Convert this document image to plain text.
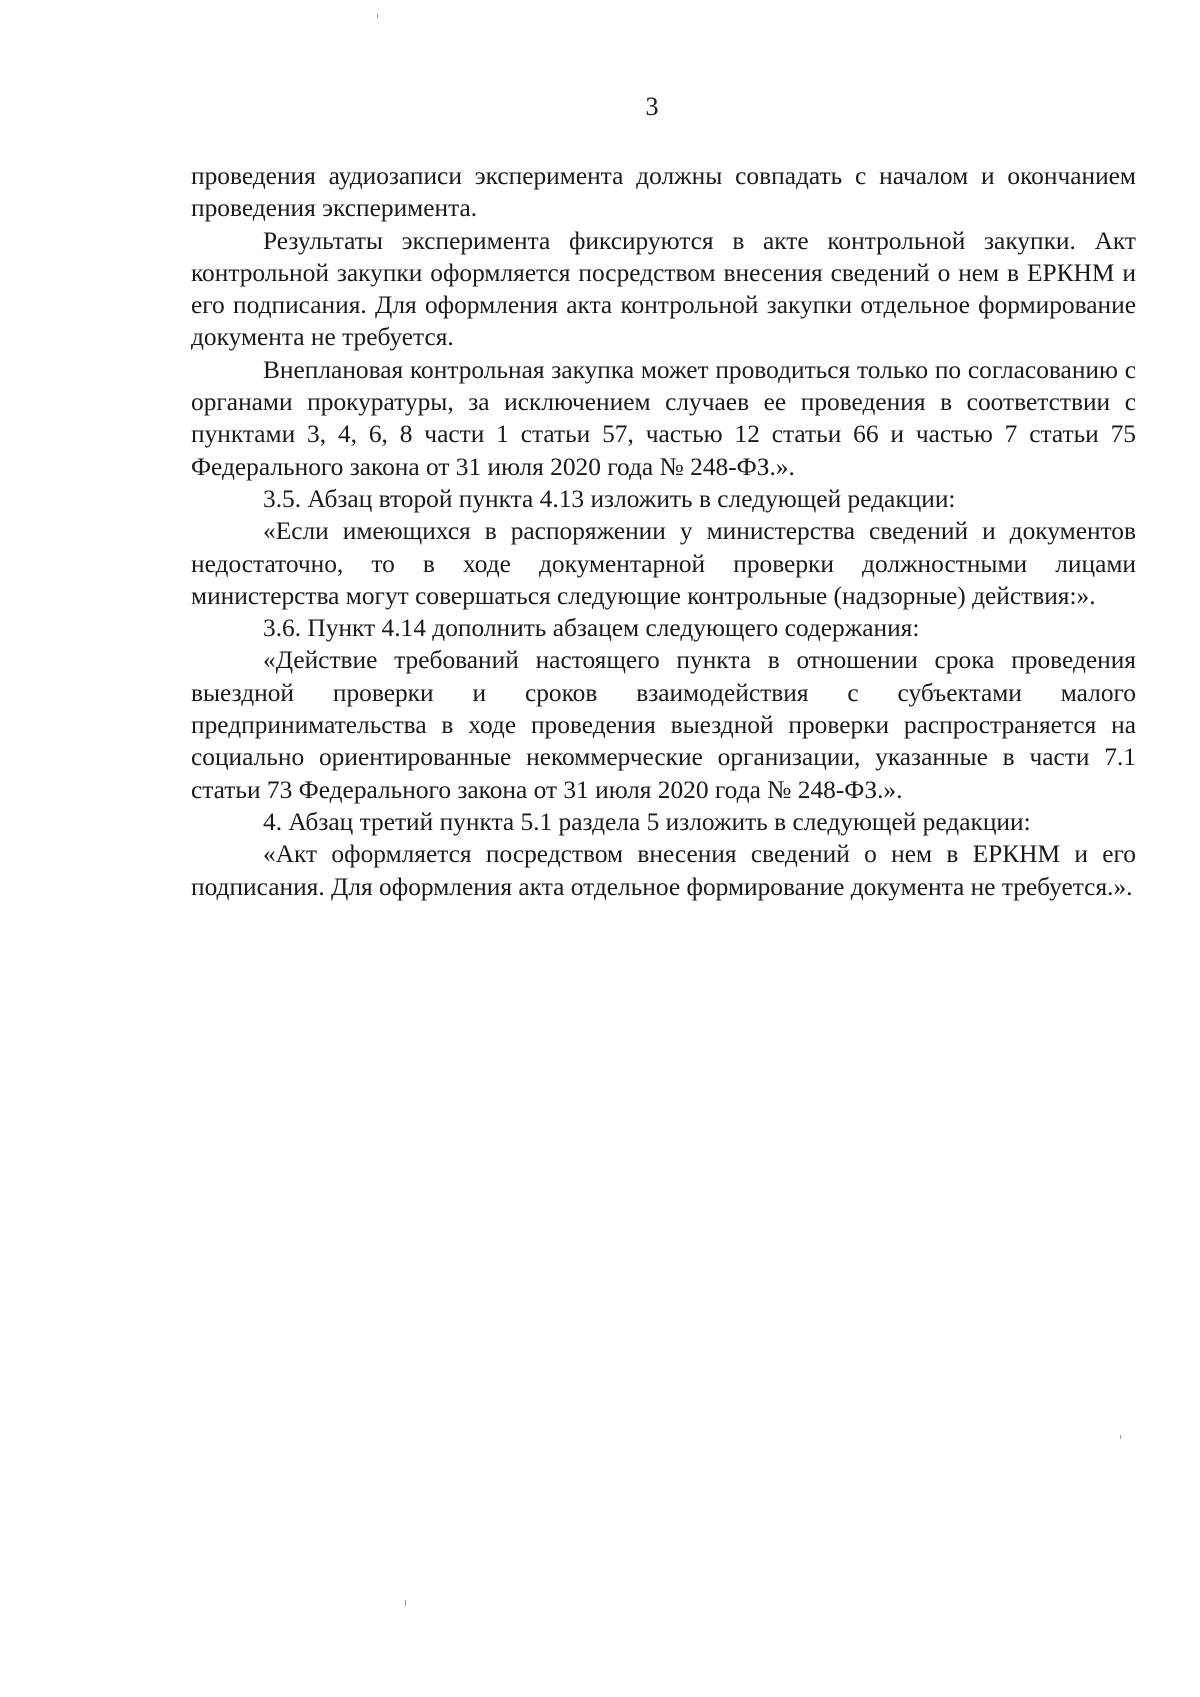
3

проведения аудиозаписи эксперимента должны совпадать с началом и окончанием проведения эксперимента.

Результаты эксперимента фиксируются в акте контрольной закупки. Акт контрольной закупки оформляется посредством внесения сведений о нем в ЕРКНМ и его подписания. Для оформления акта контрольной закупки отдельное формирование документа не требуется.

Внеплановая контрольная закупка может проводиться только по согласованию с органами прокуратуры, за исключением случаев ее проведения в соответствии с пунктами 3, 4, 6, 8 части 1 статьи 57, частью 12 статьи 66 и частью 7 статьи 75 Федерального закона от 31 июля 2020 года № 248-ФЗ.».

3.5. Абзац второй пункта 4.13 изложить в следующей редакции:

«Если имеющихся в распоряжении у министерства сведений и документов недостаточно, то в ходе документарной проверки должностными лицами министерства могут совершаться следующие контрольные (надзорные) действия:».

3.6. Пункт 4.14 дополнить абзацем следующего содержания:

«Действие требований настоящего пункта в отношении срока проведения выездной проверки и сроков взаимодействия с субъектами малого предпринимательства в ходе проведения выездной проверки распространяется на социально ориентированные некоммерческие организации, указанные в части 7.1 статьи 73 Федерального закона от 31 июля 2020 года № 248-ФЗ.».

4. Абзац третий пункта 5.1 раздела 5 изложить в следующей редакции:

«Акт оформляется посредством внесения сведений о нем в ЕРКНМ и его подписания. Для оформления акта отдельное формирование документа не требуется.».
